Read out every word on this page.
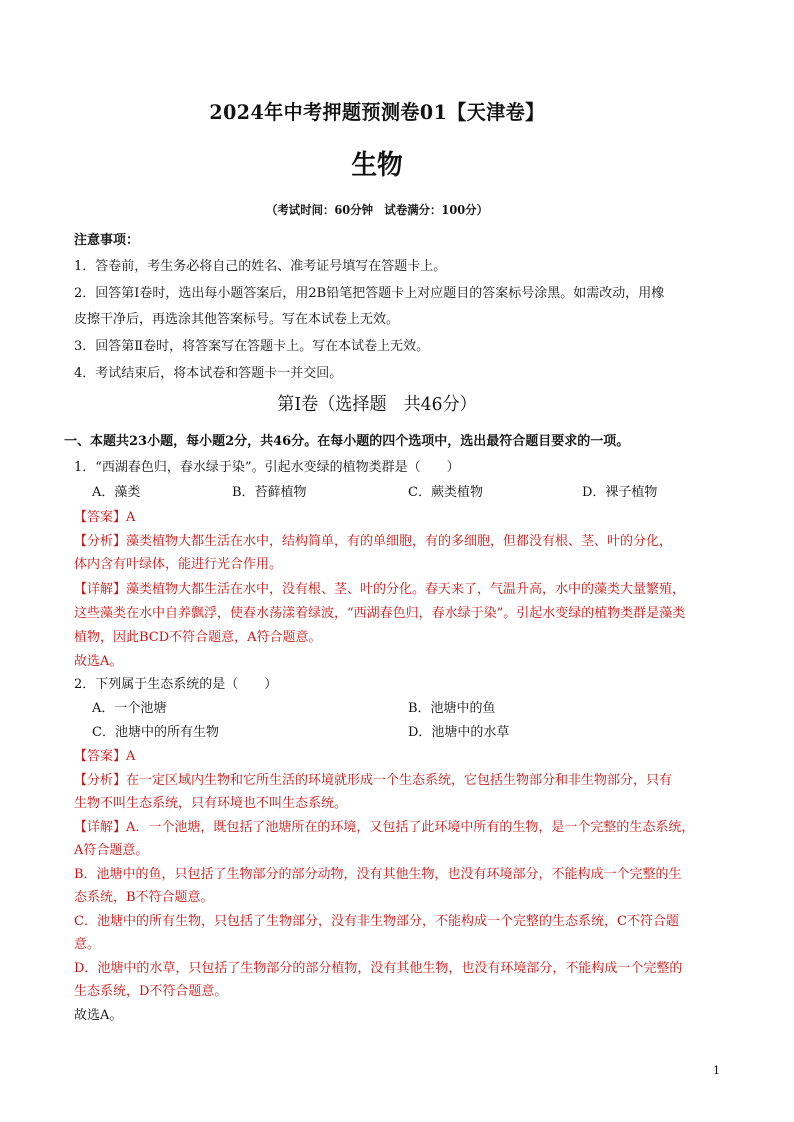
2024年中考押题预测卷01【天津卷】
生物
（考试时间：60分钟　试卷满分：100分）
注意事项：
1．答卷前，考生务必将自己的姓名、准考证号填写在答题卡上。
2．回答第Ⅰ卷时，选出每小题答案后，用2B铅笔把答题卡上对应题目的答案标号涂黑。如需改动，用橡
皮擦干净后，再选涂其他答案标号。写在本试卷上无效。
3．回答第Ⅱ卷时，将答案写在答题卡上。写在本试卷上无效。
4．考试结束后，将本试卷和答题卡一并交回。
第Ⅰ卷（选择题　共46分）
一、本题共23小题，每小题2分，共46分。在每小题的四个选项中，选出最符合题目要求的一项。
1．“西湖春色归，春水绿于染”。引起水变绿的植物类群是（　　）
A．藻类	B．苔藓植物	C．蕨类植物	D．裸子植物
【答案】A
【分析】藻类植物大都生活在水中，结构简单，有的单细胞，有的多细胞，但都没有根、茎、叶的分化，
体内含有叶绿体，能进行光合作用。
【详解】藻类植物大都生活在水中，没有根、茎、叶的分化。春天来了，气温升高，水中的藻类大量繁殖，
这些藻类在水中自养飘浮，使春水荡漾着绿波，“西湖春色归，春水绿于染”。引起水变绿的植物类群是藻类
植物，因此BCD不符合题意，A符合题意。
故选A。
2．下列属于生态系统的是（　　）
A．一个池塘	B．池塘中的鱼
C．池塘中的所有生物	D．池塘中的水草
【答案】A
【分析】在一定区域内生物和它所生活的环境就形成一个生态系统，它包括生物部分和非生物部分，只有
生物不叫生态系统，只有环境也不叫生态系统。
【详解】A．一个池塘，既包括了池塘所在的环境，又包括了此环境中所有的生物，是一个完整的生态系统，
A符合题意。
B．池塘中的鱼，只包括了生物部分的部分动物，没有其他生物，也没有环境部分，不能构成一个完整的生
态系统，B不符合题意。
C．池塘中的所有生物，只包括了生物部分，没有非生物部分，不能构成一个完整的生态系统，C不符合题
意。
D．池塘中的水草，只包括了生物部分的部分植物，没有其他生物，也没有环境部分，不能构成一个完整的
生态系统，D不符合题意。
故选A。
1
